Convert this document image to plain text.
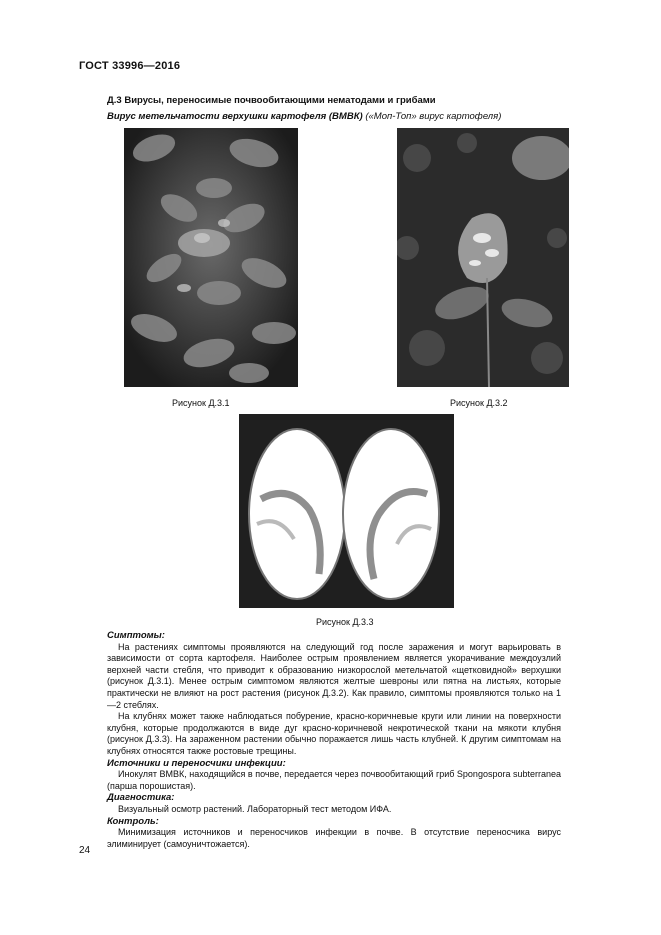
ГОСТ 33996—2016
Д.3 Вирусы, переносимые почвообитающими нематодами и грибами
Вирус метельчатости верхушки картофеля (ВМВК) («Моп-Топ» вирус картофеля)
Рисунок Д.3.1	Рисунок Д.3.2
Рисунок Д.3.3

Симптомы:

На растениях симптомы проявляются на следующий год после заражения и могут варьировать в зависимости от сорта картофеля. Наиболее острым проявлением является укорачивание междоузлий верхней части стебля, что приводит к образованию низкорослой метельчатой «щетковидной» верхушки (рисунок Д.3.1). Менее острым симптомом являются желтые шевроны или пятна на листьях, которые практически не влияют на рост растения (рисунок Д.3.2). Как правило, симптомы проявляются только на 1—2 стеблях.

На клубнях может также наблюдаться побурение, красно-коричневые круги или линии на поверхности клубня, которые продолжаются в виде дуг красно-коричневой некротической ткани на мякоти клубня (рисунок Д.3.3). На зараженном растении обычно поражается лишь часть клубней. К другим симптомам на клубнях относятся также ростовые трещины.

Источники и переносчики инфекции:

Инокулят ВМВК, находящийся в почве, передается через почвообитающий гриб Spongospora subterranea (парша порошистая).

Диагностика:

Визуальный осмотр растений. Лабораторный тест методом ИФА.

Контроль:

Минимизация источников и переносчиков инфекции в почве. В отсутствие переносчика вирус элиминирует (самоуничтожается).

24
